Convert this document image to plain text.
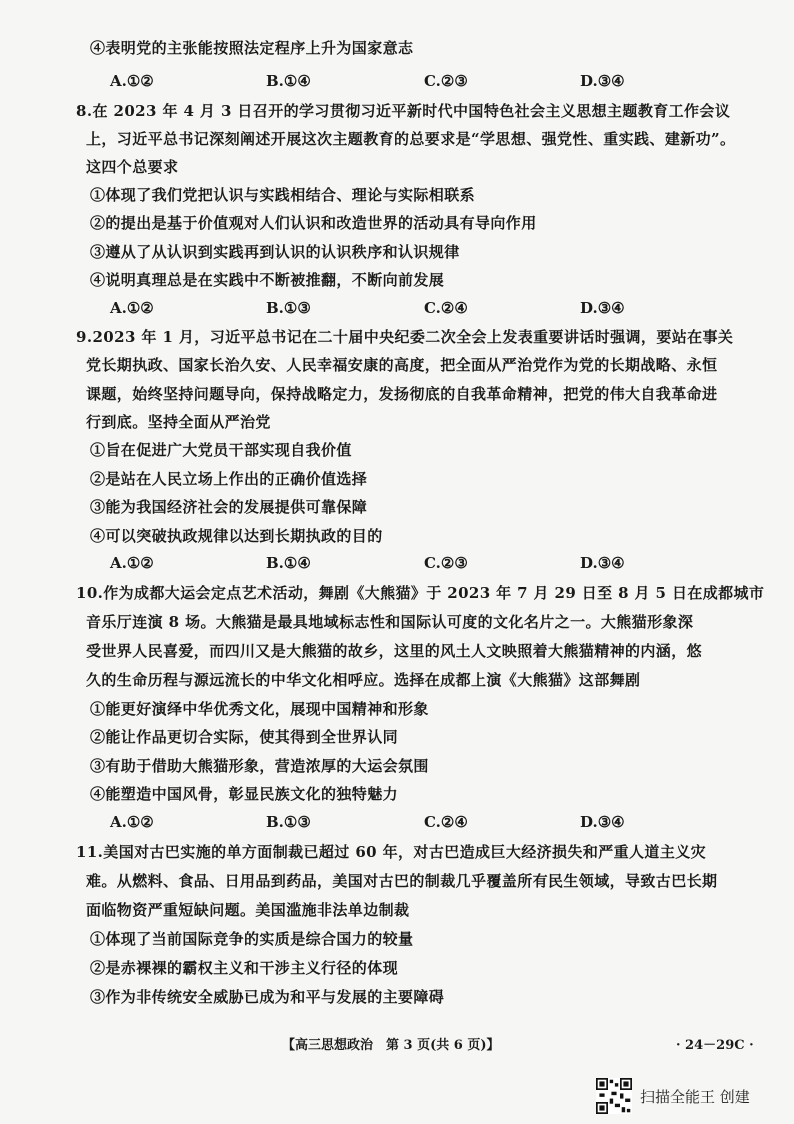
④表明党的主张能按照法定程序上升为国家意志
A.①②	B.①④	C.②③	D.③④
8.在 2023 年 4 月 3 日召开的学习贯彻习近平新时代中国特色社会主义思想主题教育工作会议
上，习近平总书记深刻阐述开展这次主题教育的总要求是“学思想、强党性、重实践、建新功”。
这四个总要求
①体现了我们党把认识与实践相结合、理论与实际相联系
②的提出是基于价值观对人们认识和改造世界的活动具有导向作用
③遵从了从认识到实践再到认识的认识秩序和认识规律
④说明真理总是在实践中不断被推翻，不断向前发展
A.①②	B.①③	C.②④	D.③④
9.2023 年 1 月，习近平总书记在二十届中央纪委二次全会上发表重要讲话时强调，要站在事关
党长期执政、国家长治久安、人民幸福安康的高度，把全面从严治党作为党的长期战略、永恒
课题，始终坚持问题导向，保持战略定力，发扬彻底的自我革命精神，把党的伟大自我革命进
行到底。坚持全面从严治党
①旨在促进广大党员干部实现自我价值
②是站在人民立场上作出的正确价值选择
③能为我国经济社会的发展提供可靠保障
④可以突破执政规律以达到长期执政的目的
A.①②	B.①④	C.②③	D.③④
10.作为成都大运会定点艺术活动，舞剧《大熊猫》于 2023 年 7 月 29 日至 8 月 5 日在成都城市
音乐厅连演 8 场。大熊猫是最具地域标志性和国际认可度的文化名片之一。大熊猫形象深
受世界人民喜爱，而四川又是大熊猫的故乡，这里的风土人文映照着大熊猫精神的内涵，悠
久的生命历程与源远流长的中华文化相呼应。选择在成都上演《大熊猫》这部舞剧
①能更好演绎中华优秀文化，展现中国精神和形象
②能让作品更切合实际，使其得到全世界认同
③有助于借助大熊猫形象，营造浓厚的大运会氛围
④能塑造中国风骨，彰显民族文化的独特魅力
A.①②	B.①③	C.②④	D.③④
11.美国对古巴实施的单方面制裁已超过 60 年，对古巴造成巨大经济损失和严重人道主义灾
难。从燃料、食品、日用品到药品，美国对古巴的制裁几乎覆盖所有民生领域，导致古巴长期
面临物资严重短缺问题。美国滥施非法单边制裁
①体现了当前国际竞争的实质是综合国力的较量
②是赤裸裸的霸权主义和干涉主义行径的体现
③作为非传统安全威胁已成为和平与发展的主要障碍
【高三思想政治　第 3 页(共 6 页)】	· 24－29C ·
扫描全能王 创建
